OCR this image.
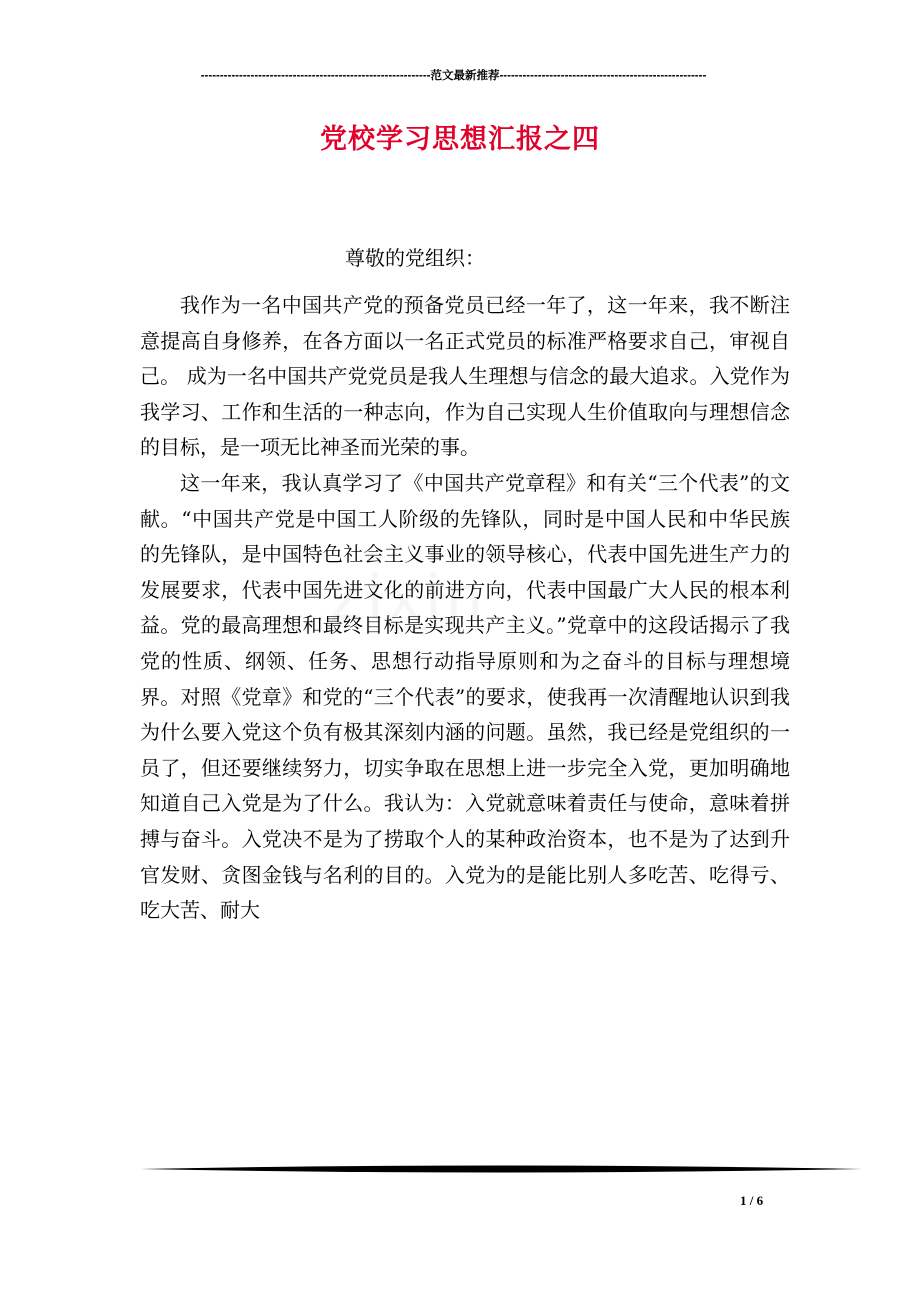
------------------------------------------------------------范文最新推荐------------------------------------------------------
党校学习思想汇报之四
尊敬的党组织：

我作为一名中国共产党的预备党员已经一年了，这一年来，我不断注意提高自身修养，在各方面以一名正式党员的标准严格要求自己，审视自己。 成为一名中国共产党党员是我人生理想与信念的最大追求。入党作为我学习、工作和生活的一种志向，作为自己实现人生价值取向与理想信念的目标，是一项无比神圣而光荣的事。

这一年来，我认真学习了《中国共产党章程》和有关“三个代表”的文献。“中国共产党是中国工人阶级的先锋队，同时是中国人民和中华民族的先锋队，是中国特色社会主义事业的领导核心，代表中国先进生产力的发展要求，代表中国先进文化的前进方向，代表中国最广大人民的根本利益。党的最高理想和最终目标是实现共产主义。”党章中的这段话揭示了我党的性质、纲领、任务、思想行动指导原则和为之奋斗的目标与理想境界。对照《党章》和党的“三个代表”的要求，使我再一次清醒地认识到我为什么要入党这个负有极其深刻内涵的问题。虽然，我已经是党组织的一员了，但还要继续努力，切实争取在思想上进一步完全入党，更加明确地知道自己入党是为了什么。我认为：入党就意味着责任与使命，意味着拼搏与奋斗。入党决不是为了捞取个人的某种政治资本，也不是为了达到升官发财、贪图金钱与名利的目的。入党为的是能比别人多吃苦、吃得亏、吃大苦、耐大

1 / 6
